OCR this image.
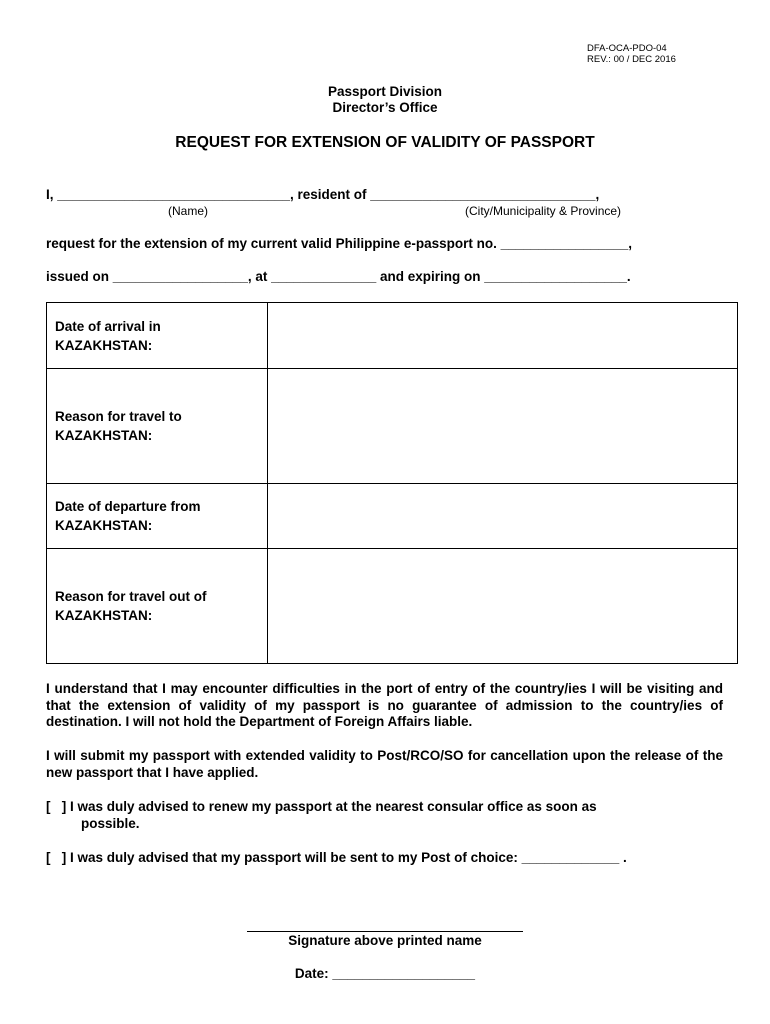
DFA-OCA-PDO-04
REV.: 00 / DEC 2016
Passport Division
Director’s Office
REQUEST FOR EXTENSION OF VALIDITY OF PASSPORT
I, _______________________________, resident of ______________________________,
(Name)	(City/Municipality & Province)
request for the extension of my current valid Philippine e-passport no. _________________,
issued on __________________, at ______________ and expiring on ___________________.
Date of arrival in
KAZAKHSTAN:	
Reason for travel to
KAZAKHSTAN:	
Date of departure from
KAZAKHSTAN:	
Reason for travel out of
KAZAKHSTAN:	
I understand that I may encounter difficulties in the port of entry of the country/ies I will be visiting and that the extension of validity of my passport is no guarantee of admission to the country/ies of destination. I will not hold the Department of Foreign Affairs liable.
I will submit my passport with extended validity to Post/RCO/SO for cancellation upon the release of the new passport that I have applied.
[   ] I was duly advised to renew my passport at the nearest consular office as soon as
possible.
[   ] I was duly advised that my passport will be sent to my Post of choice: _____________ .
Signature above printed name
Date: ___________________
